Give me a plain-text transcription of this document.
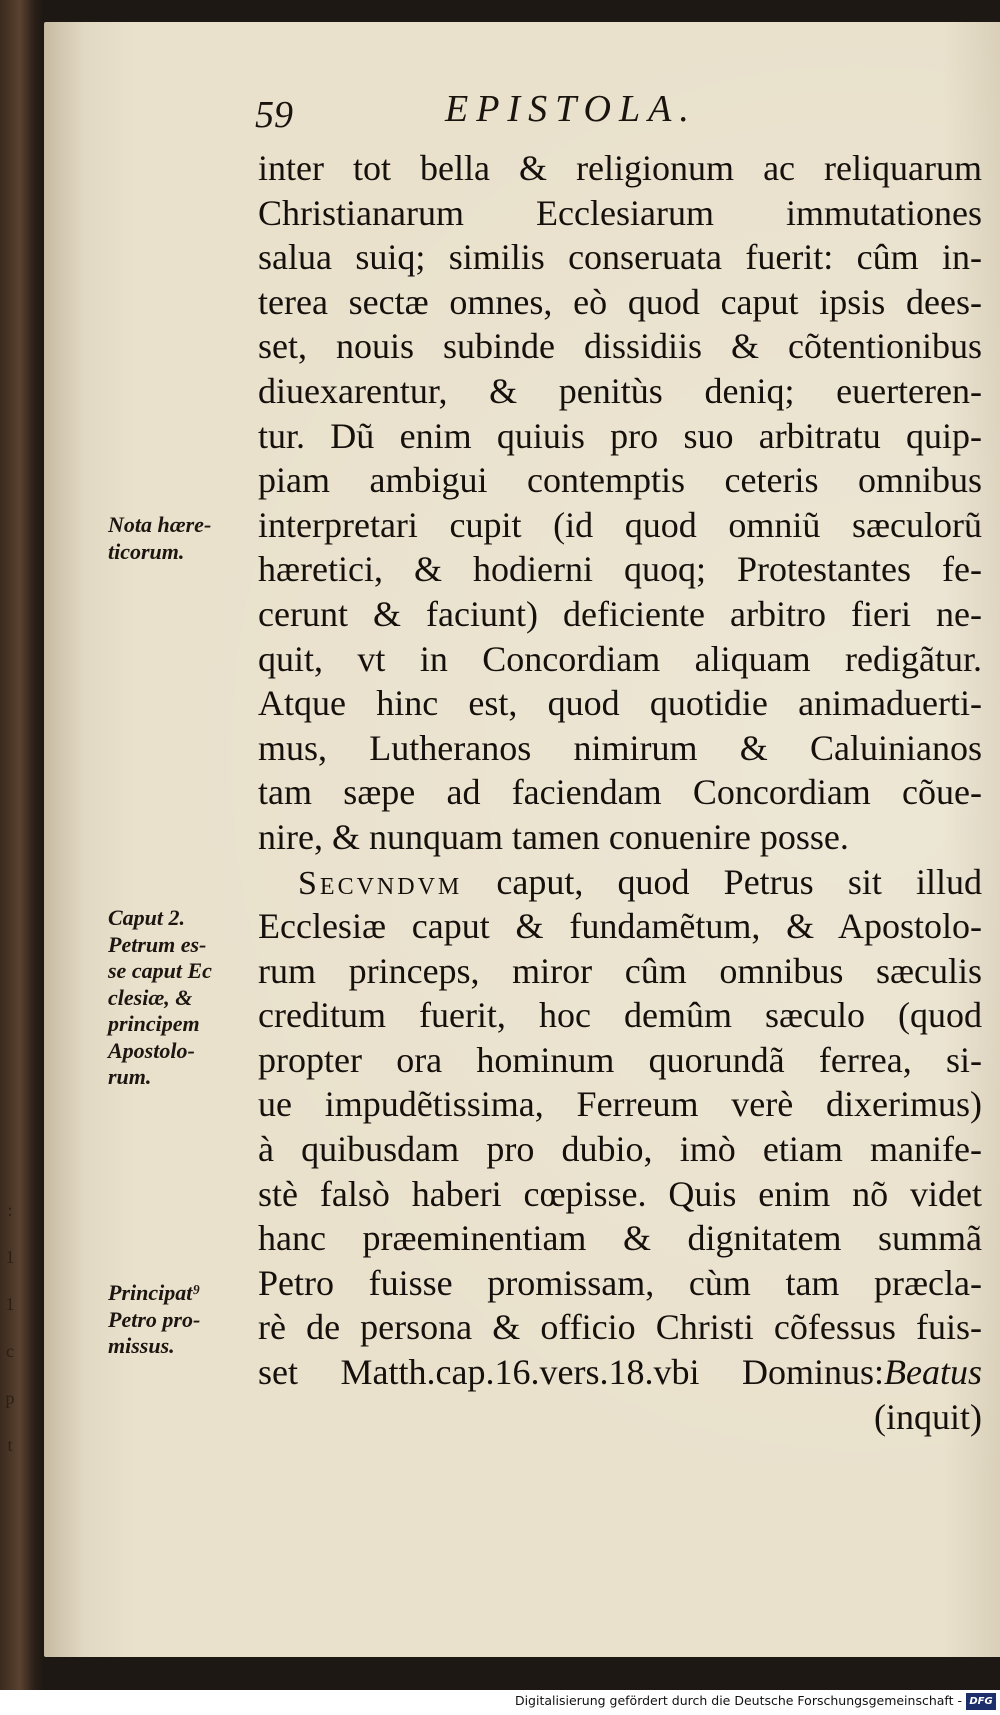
:
1
1
c
p
t
59	EPISTOLA.
inter tot bella & religionum ac reliquarum
Christianarum Ecclesiarum immutationes
salua suiq; similis conseruata fuerit: cûm in-
terea sectæ omnes, eò quod caput ipsis dees-
set, nouis subinde dissidiis & cõtentionibus
diuexarentur, & penitùs deniq; euerteren-
tur. Dũ enim quiuis pro suo arbitratu quip-
piam ambigui contemptis ceteris omnibus
interpretari cupit (id quod omniũ sæculorũ
hæretici, & hodierni quoq; Protestantes fe-
cerunt & faciunt) deficiente arbitro fieri ne-
quit, vt in Concordiam aliquam redigãtur.
Atque hinc est, quod quotidie animaduerti-
mus, Lutheranos nimirum & Caluinianos
tam sæpe ad faciendam Concordiam cõue-
nire, & nunquam tamen conuenire posse.
Secvndvm caput, quod Petrus sit illud
Ecclesiæ caput & fundamẽtum, & Apostolo-
rum princeps, miror cûm omnibus sæculis
creditum fuerit, hoc demûm sæculo (quod
propter ora hominum quorundã ferrea, si-
ue impudẽtissima, Ferreum verè dixerimus)
à quibusdam pro dubio, imò etiam manife-
stè falsò haberi cœpisse. Quis enim nõ videt
hanc præeminentiam & dignitatem summã
Petro fuisse promissam, cùm tam præcla-
rè de persona & officio Christi cõfessus fuis-
set Matth.cap.16.vers.18.vbi Dominus:Beatus
(inquit)
Nota hære-
ticorum.
Caput 2.
Petrum es-
se caput Ec
clesiæ, &
principem
Apostolo-
rum.
Principat⁹
Petro pro-
missus.
Digitalisierung gefördert durch die Deutsche Forschungsgemeinschaft - DFG
